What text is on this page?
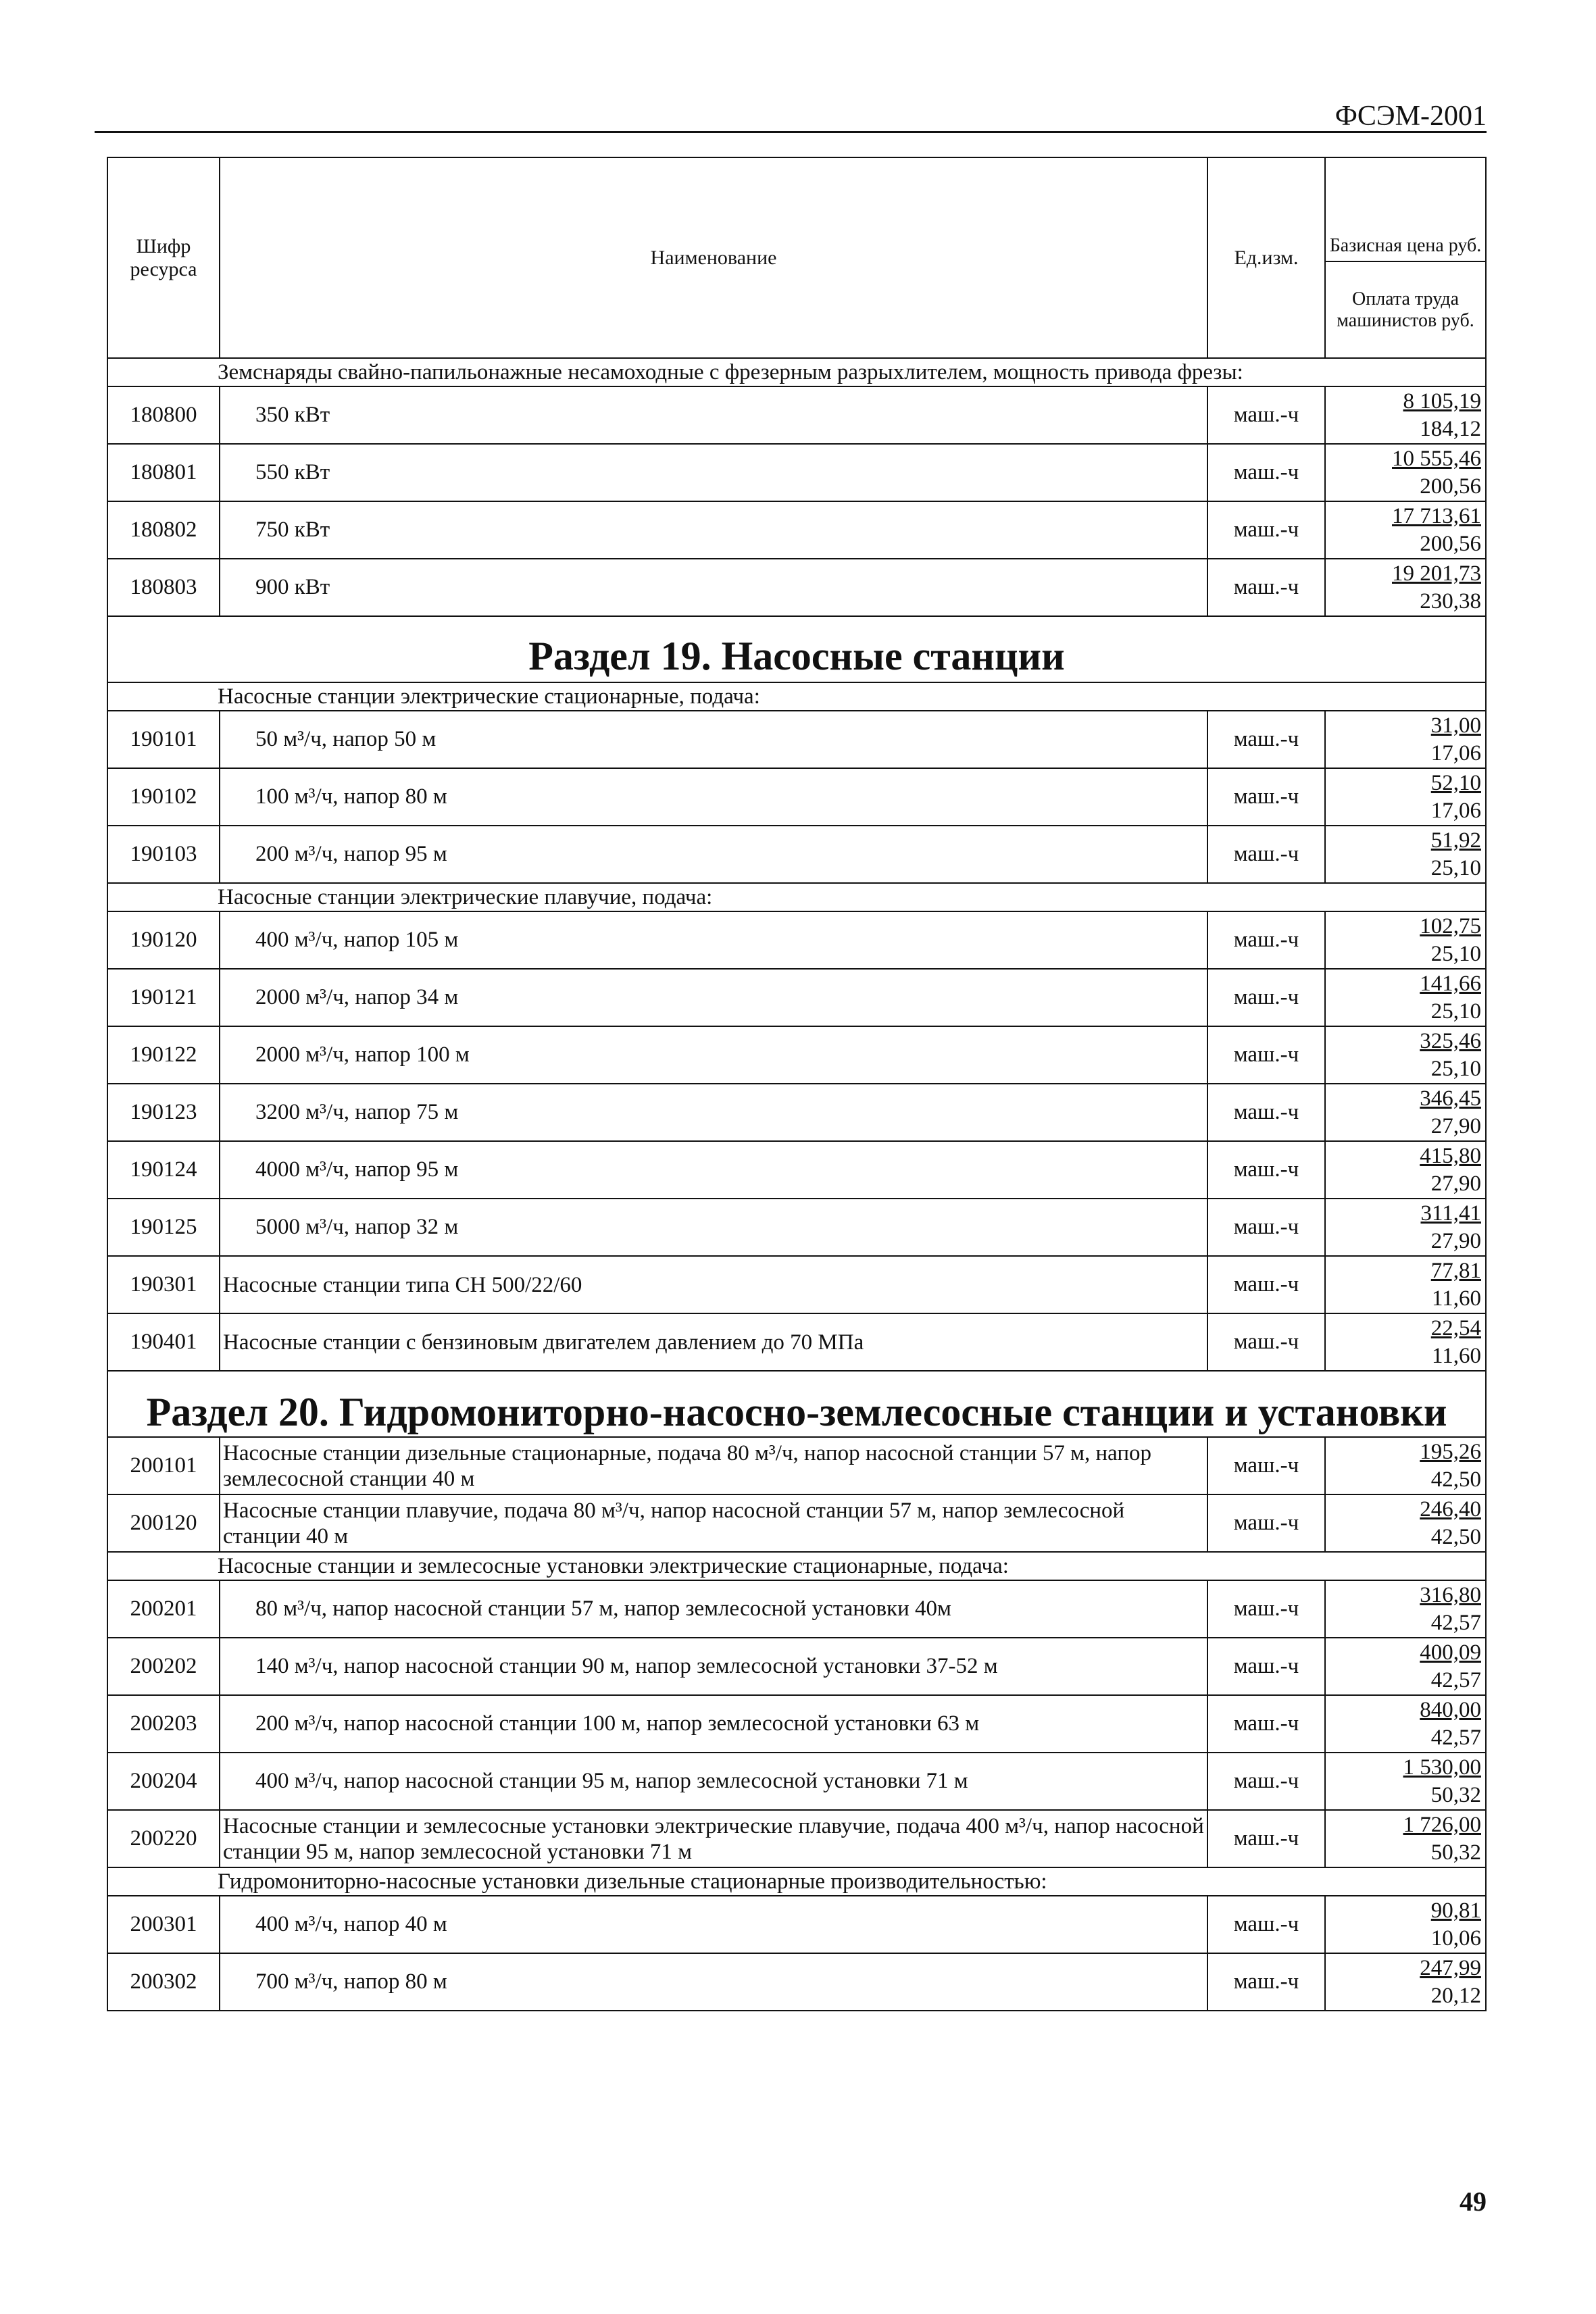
ФСЭМ-2001
Шифр ресурса	Наименование	Ед.изм.	Базисная цена руб.
Оплата труда машинистов руб.

Земснаряды свайно-папильонажные несамоходные с фрезерным разрыхлителем, мощность привода фрезы:			
180800	350 кВт	маш.-ч	8 105,19
184,12

180801	550 кВт	маш.-ч	10 555,46
200,56

180802	750 кВт	маш.-ч	17 713,61
200,56

180803	900 кВт	маш.-ч	19 201,73
230,38

Раздел 19. Насосные станции			
Насосные станции электрические стационарные, подача:			
190101	50 м³/ч, напор 50 м	маш.-ч	31,00
17,06

190102	100 м³/ч, напор 80 м	маш.-ч	52,10
17,06

190103	200 м³/ч, напор 95 м	маш.-ч	51,92
25,10

Насосные станции электрические плавучие, подача:			
190120	400 м³/ч, напор 105 м	маш.-ч	102,75
25,10

190121	2000 м³/ч, напор 34 м	маш.-ч	141,66
25,10

190122	2000 м³/ч, напор 100 м	маш.-ч	325,46
25,10

190123	3200 м³/ч, напор 75 м	маш.-ч	346,45
27,90

190124	4000 м³/ч, напор 95 м	маш.-ч	415,80
27,90

190125	5000 м³/ч, напор 32 м	маш.-ч	311,41
27,90

190301	Насосные станции типа СН 500/22/60	маш.-ч	77,81
11,60

190401	Насосные станции с бензиновым двигателем давлением до 70 МПа	маш.-ч	22,54
11,60

Раздел 20. Гидромониторно-насосно-землесосные станции и установки			
200101	Насосные станции дизельные стационарные, подача 80 м³/ч, напор насосной станции 57 м, напор землесосной станции 40 м	маш.-ч	195,26
42,50

200120	Насосные станции плавучие, подача 80 м³/ч, напор насосной станции 57 м, напор землесосной станции 40 м	маш.-ч	246,40
42,50

Насосные станции и землесосные установки электрические стационарные, подача:			
200201	80 м³/ч, напор насосной станции 57 м, напор землесосной установки 40м	маш.-ч	316,80
42,57

200202	140 м³/ч, напор насосной станции 90 м, напор землесосной установки 37-52 м	маш.-ч	400,09
42,57

200203	200 м³/ч, напор насосной станции 100 м, напор землесосной установки 63 м	маш.-ч	840,00
42,57

200204	400 м³/ч, напор насосной станции 95 м, напор землесосной установки 71 м	маш.-ч	1 530,00
50,32

200220	Насосные станции и землесосные установки электрические плавучие, подача 400 м³/ч, напор насосной станции 95 м, напор землесосной установки 71 м	маш.-ч	1 726,00
50,32

Гидромониторно-насосные установки дизельные стационарные производительностью:			
200301	400 м³/ч, напор 40 м	маш.-ч	90,81
10,06

200302	700 м³/ч, напор 80 м	маш.-ч	247,99
20,12
49
